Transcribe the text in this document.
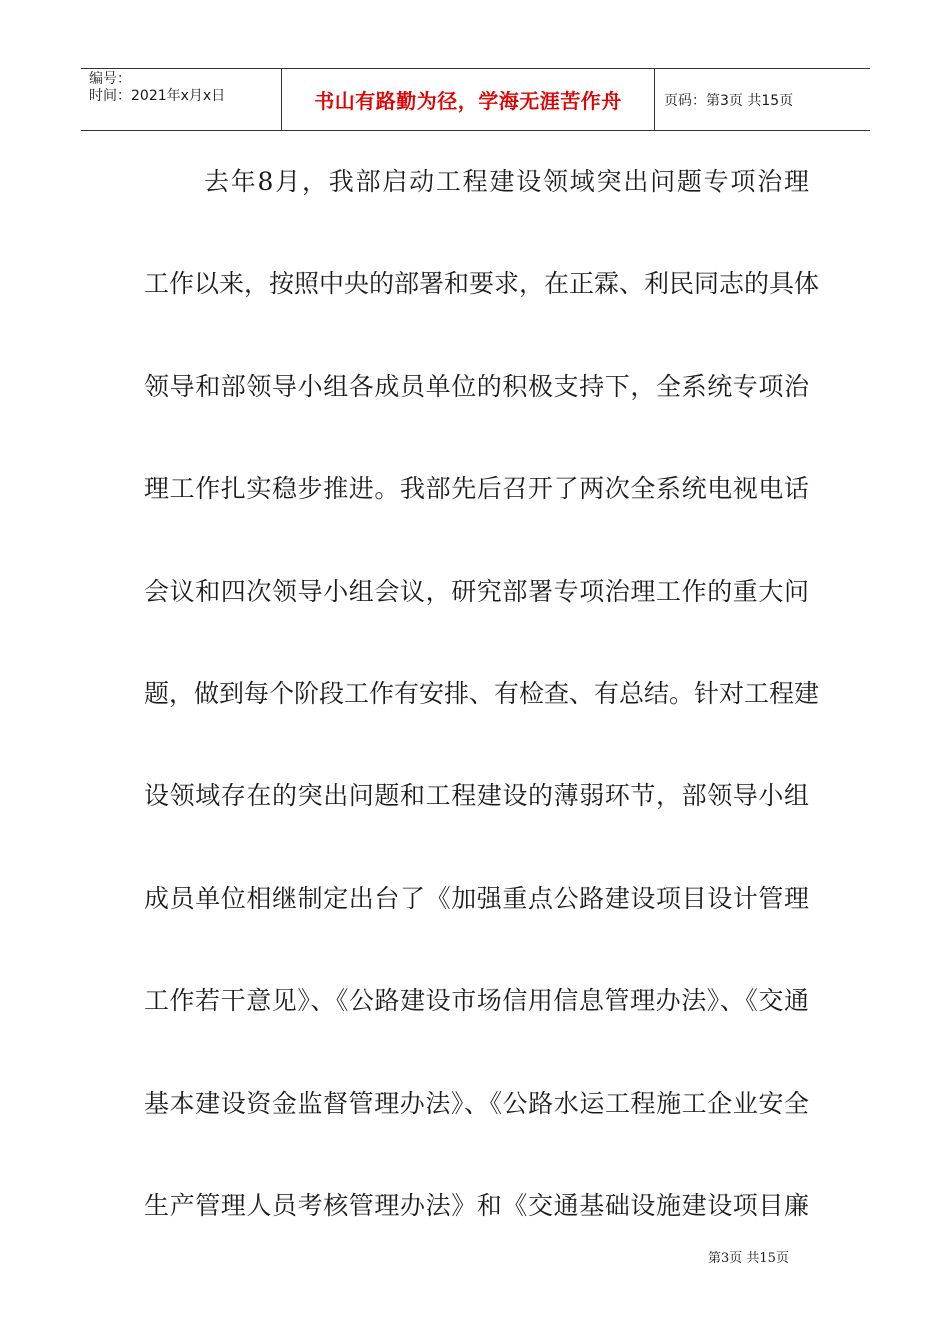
编号：
时间：2021年x月x日	书山有路勤为径，学海无涯苦作舟	页码：第3页 共15页
去年8月，我部启动工程建设领域突出问题专项治理
工作以来，按照中央的部署和要求，在正霖、利民同志的具体
领导和部领导小组各成员单位的积极支持下，全系统专项治
理工作扎实稳步推进。我部先后召开了两次全系统电视电话
会议和四次领导小组会议，研究部署专项治理工作的重大问
题，做到每个阶段工作有安排、有检查、有总结。针对工程建
设领域存在的突出问题和工程建设的薄弱环节，部领导小组
成员单位相继制定出台了《加强重点公路建设项目设计管理
工作若干意见》、《公路建设市场信用信息管理办法》、《交通
基本建设资金监督管理办法》、《公路水运工程施工企业安全
生产管理人员考核管理办法》和《交通基础设施建设项目廉
第3页 共15页
